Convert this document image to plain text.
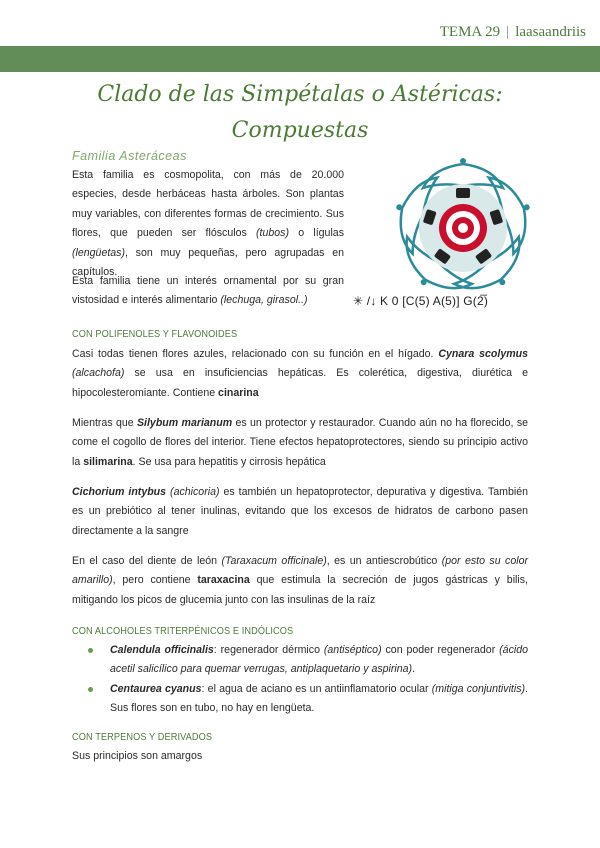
TEMA 29 | laasaandriis
Clado de las Simpétalas o Astéricas:
Compuestas
Familia Asteráceas
Esta familia es cosmopolita, con más de 20.000 especies, desde herbáceas hasta árboles. Son plantas muy variables, con diferentes formas de crecimiento. Sus flores, que pueden ser flósculos (tubos) o lígulas (lengüetas), son muy pequeñas, pero agrupadas en capítulos.
Esta familia tiene un interés ornamental por su gran vistosidad e interés alimentario (lechuga, girasol..)	✳ /↓ K 0 [C(5) A(5)] G(2̅)
CON POLIFENOLES Y FLAVONOIDES
Casi todas tienen flores azules, relacionado con su función en el hígado. Cynara scolymus (alcachofa) se usa en insuficiencias hepáticas. Es colerética, digestiva, diurética e hipocolesteromiante. Contiene cinarina
Mientras que Silybum marianum es un protector y restaurador. Cuando aún no ha florecido, se come el cogollo de flores del interior. Tiene efectos hepatoprotectores, siendo su principio activo la silimarina. Se usa para hepatitis y cirrosis hepática
Cichorium intybus (achicoria) es también un hepatoprotector, depurativa y digestiva. También es un prebiótico al tener inulinas, evitando que los excesos de hidratos de carbono pasen directamente a la sangre
En el caso del diente de león (Taraxacum officinale), es un antiescrobútico (por esto su color amarillo), pero contiene taraxacina que estimula la secreción de jugos gástricas y bilis, mitigando los picos de glucemia junto con las insulinas de la raíz
CON ALCOHOLES TRITERPÉNICOS E INDÓLICOS
Calendula officinalis: regenerador dérmico (antiséptico) con poder regenerador (ácido acetil salicílico para quemar verrugas, antiplaquetario y aspirina).
Centaurea cyanus: el agua de aciano es un antiinflamatorio ocular (mitiga conjuntivitis). Sus flores son en tubo, no hay en lengüeta.
CON TERPENOS Y DERIVADOS
Sus principios son amargos
